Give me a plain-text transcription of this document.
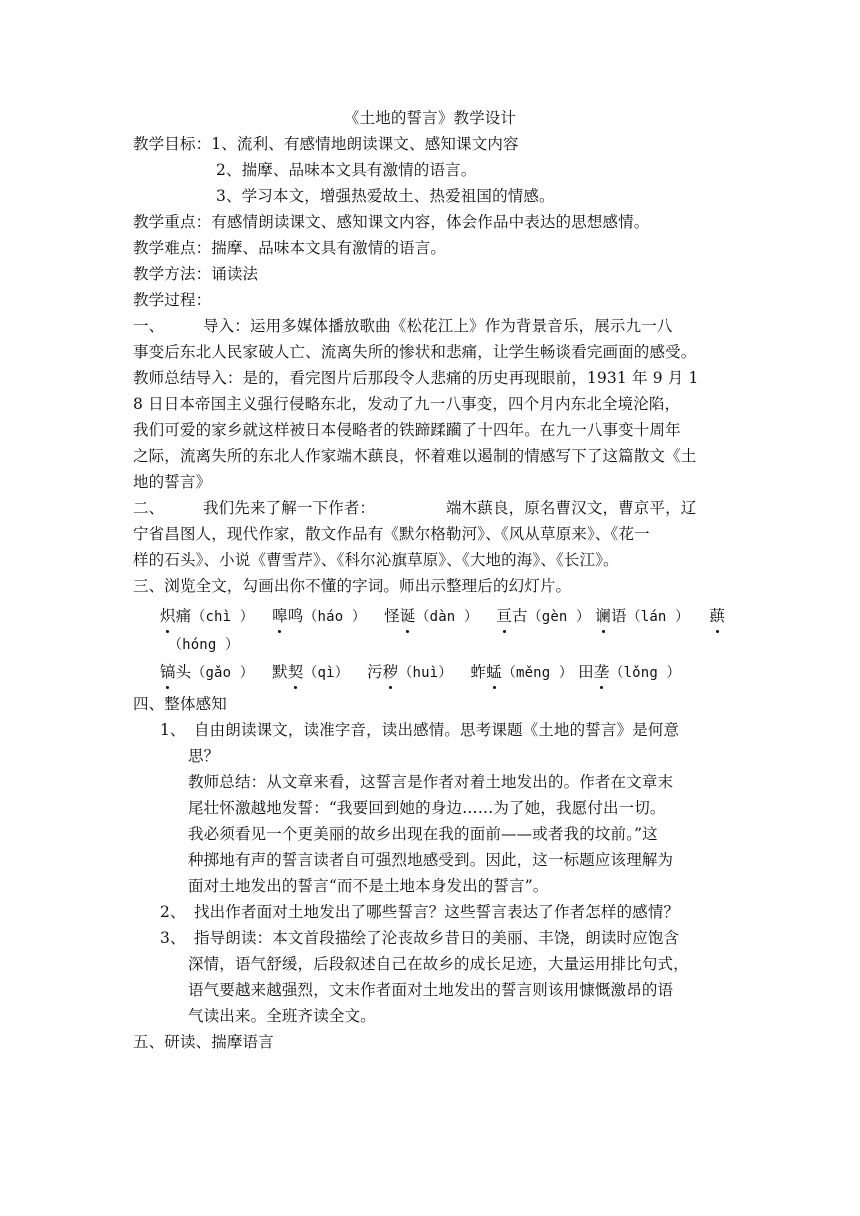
《土地的誓言》教学设计
教学目标：1、流利、有感情地朗读课文、感知课文内容
2、揣摩、品味本文具有激情的语言。
3、学习本文，增强热爱故土、热爱祖国的情感。
教学重点：有感情朗读课文、感知课文内容，体会作品中表达的思想感情。
教学难点：揣摩、品味本文具有激情的语言。
教学方法：诵读法
教学过程：
一、 导入：运用多媒体播放歌曲《松花江上》作为背景音乐，展示九一八
事变后东北人民家破人亡、流离失所的惨状和悲痛，让学生畅谈看完画面的感受。
教师总结导入：是的，看完图片后那段令人悲痛的历史再现眼前，1931 年 9 月 1
8 日日本帝国主义强行侵略东北，发动了九一八事变，四个月内东北全境沦陷，
我们可爱的家乡就这样被日本侵略者的铁蹄蹂躏了十四年。在九一八事变十周年
之际，流离失所的东北人作家端木蕻良，怀着难以遏制的情感写下了这篇散文《土
地的誓言》
二、 我们先来了解一下作者：	端木蕻良，原名曹汉文，曹京平，辽
宁省昌图人，现代作家，散文作品有《默尔格勒河》、《风从草原来》、《花一
样的石头》、小说《曹雪芹》、《科尔沁旗草原》、《大地的海》、《长江》。
三、浏览全文，勾画出你不懂的字词。师出示整理后的幻灯片。
炽痛（chì ） 嗥鸣（háo ） 怪诞（dàn ） 亘古（gèn ） 谰语（lán ） 蕻
（hóng ）
镐头（gǎo ） 默契（qì） 污秽（huì） 蚱蜢（měng ） 田垄（lǒng ）
四、整体感知
1、 自由朗读课文，读准字音，读出感情。思考课题《土地的誓言》是何意
思？
教师总结：从文章来看，这誓言是作者对着土地发出的。作者在文章末
尾壮怀激越地发誓：“我要回到她的身边……为了她，我愿付出一切。
我必须看见一个更美丽的故乡出现在我的面前——或者我的坟前。”这
种掷地有声的誓言读者自可强烈地感受到。因此，这一标题应该理解为
面对土地发出的誓言“而不是土地本身发出的誓言”。
2、 找出作者面对土地发出了哪些誓言？这些誓言表达了作者怎样的感情？
3、 指导朗读：本文首段描绘了沦丧故乡昔日的美丽、丰饶，朗读时应饱含
深情，语气舒缓，后段叙述自己在故乡的成长足迹，大量运用排比句式，
语气要越来越强烈，文末作者面对土地发出的誓言则该用慷慨激昂的语
气读出来。全班齐读全文。
五、研读、揣摩语言
